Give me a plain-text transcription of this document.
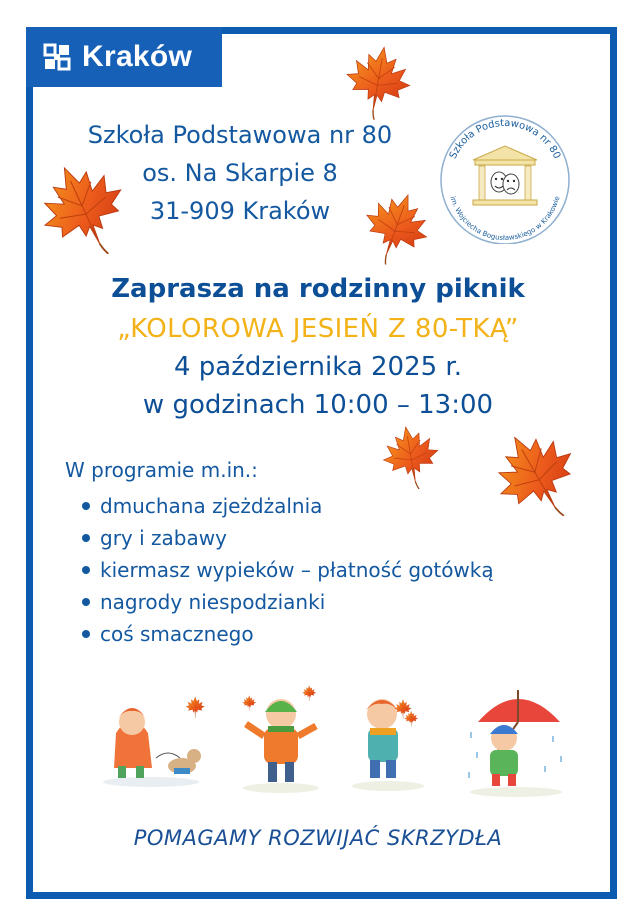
Kraków
Szkoła Podstawowa nr 80
os. Na Skarpie 8
31-909 Kraków
Szkoła Podstawowa nr 80
im. Wojciecha Bogusławskiego w Krakowie
Zaprasza na rodzinny piknik
„KOLOROWA JESIEŃ Z 80-TKĄ”
4 października 2025 r.
w godzinach 10:00 – 13:00
W programie m.in.:
dmuchana zjeżdżalnia
gry i zabawy
kiermasz wypieków – płatność gotówką
nagrody niespodzianki
coś smacznego
POMAGAMY ROZWIJAĆ SKRZYDŁA
